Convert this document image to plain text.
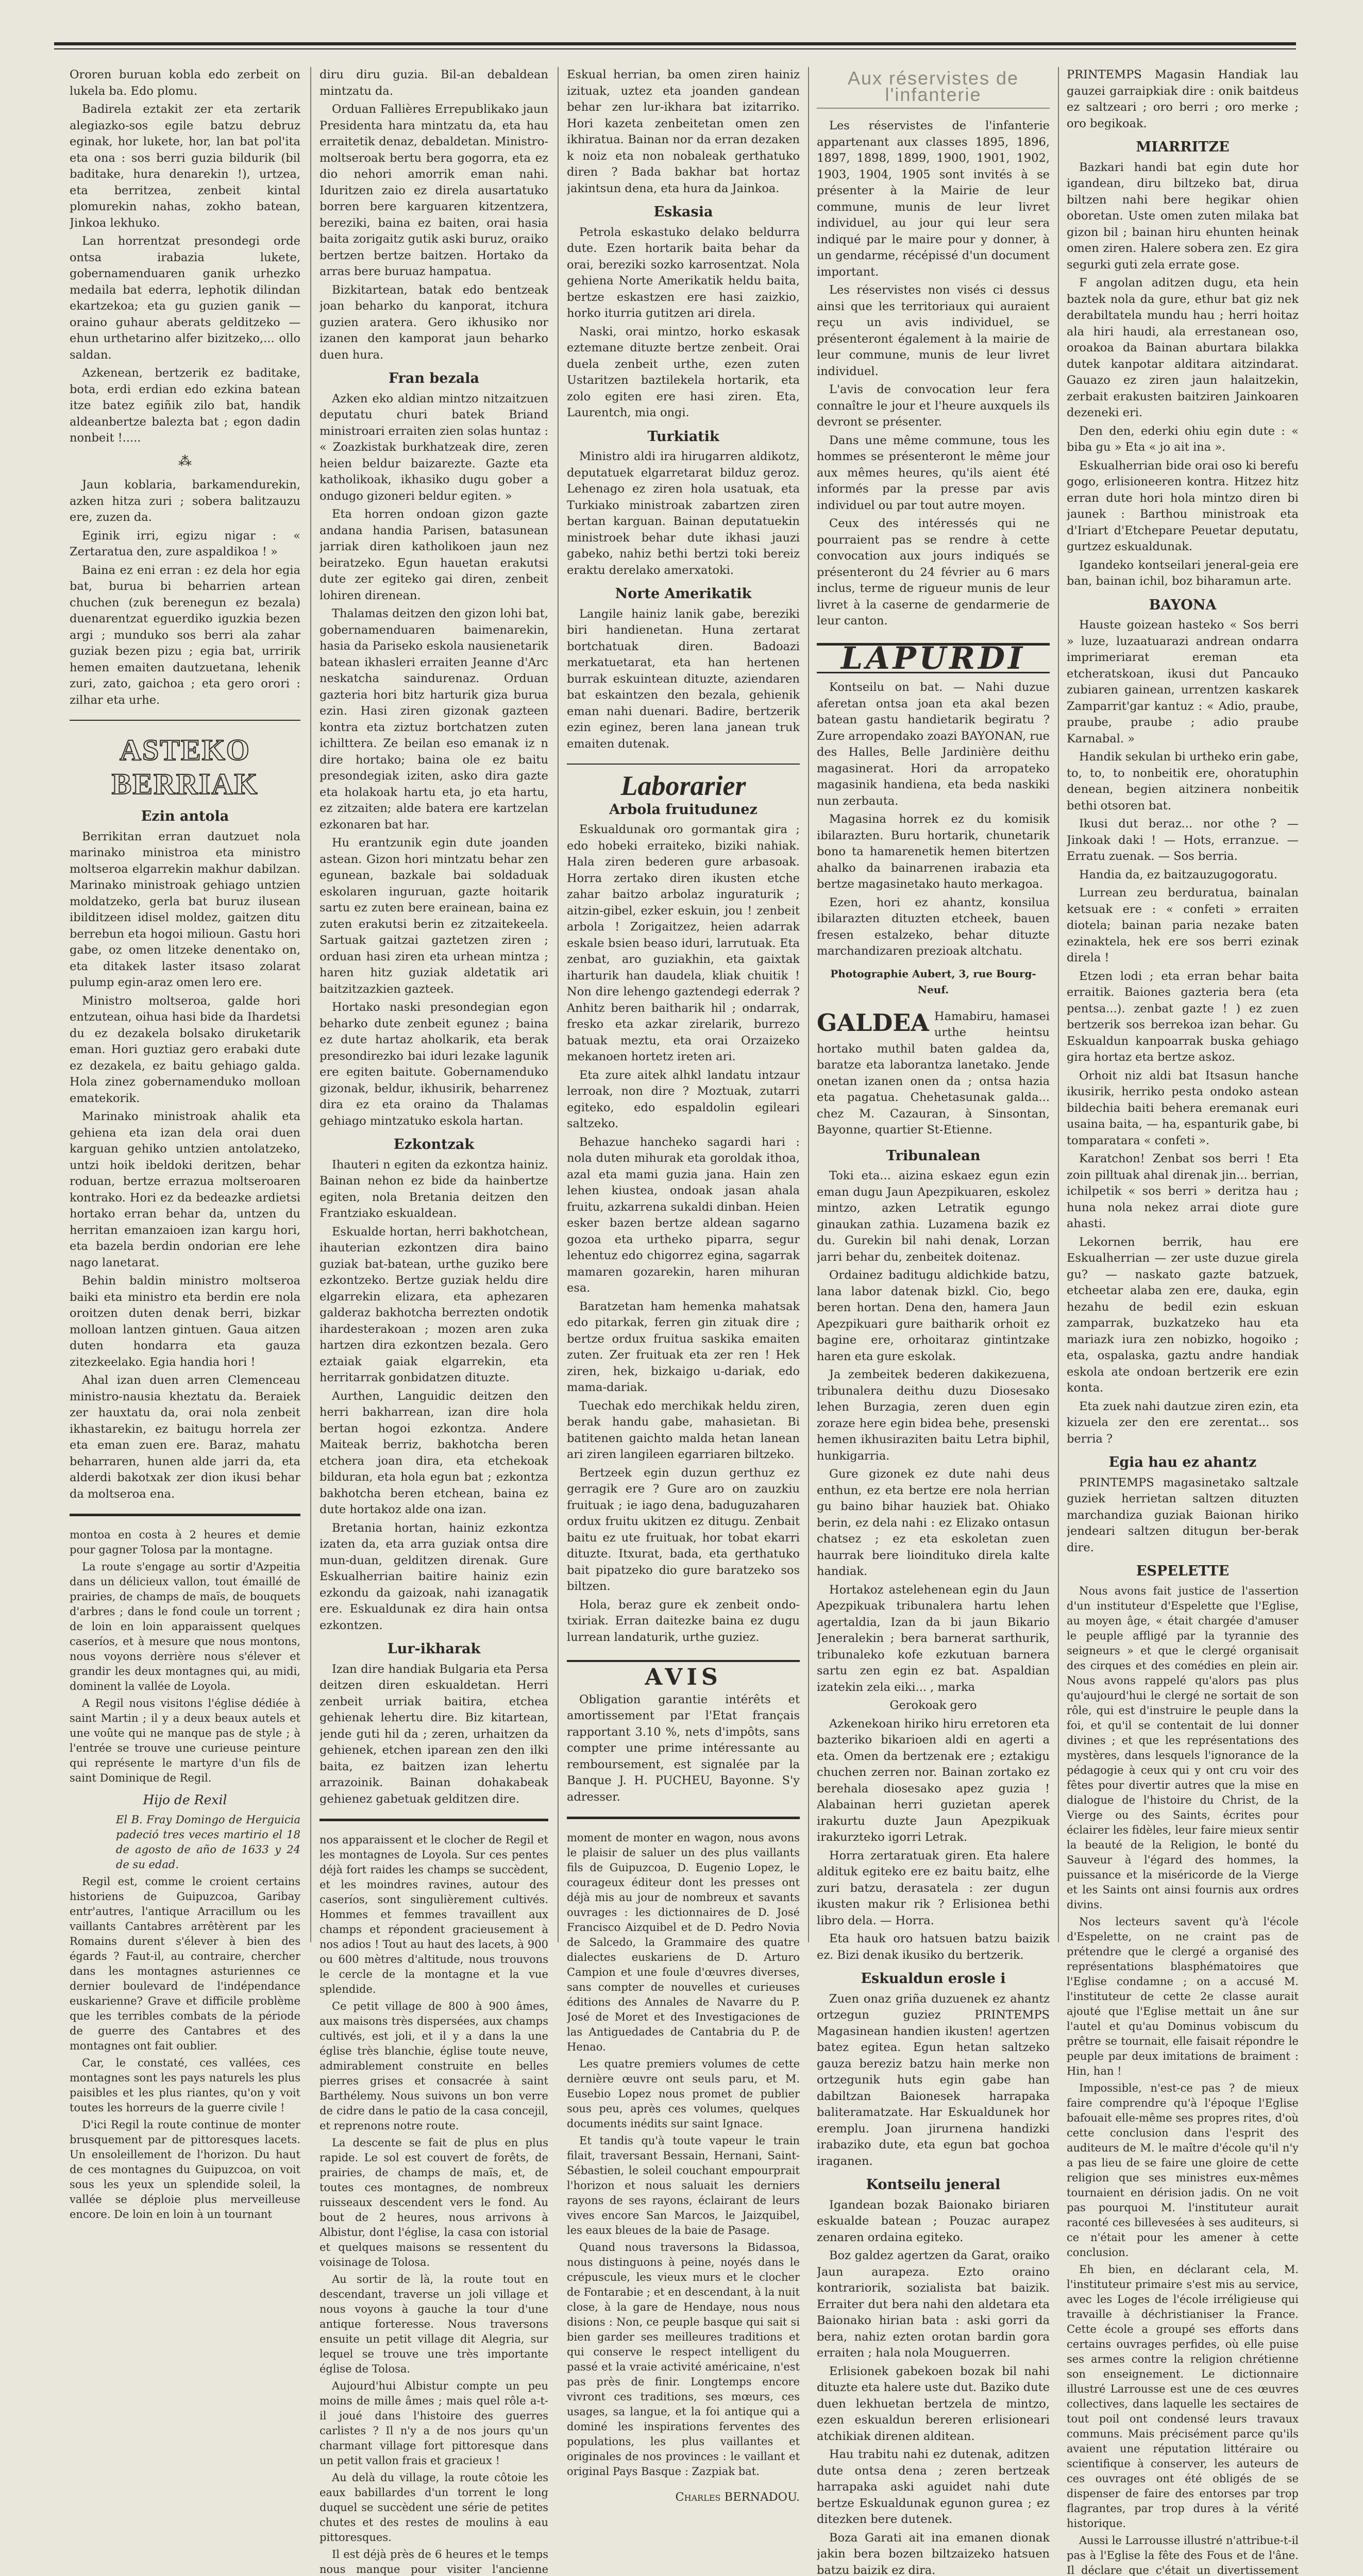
Ororen buruan kobla edo zerbeit on lukela ba. Edo plomu.

Badirela eztakit zer eta zertarik alegiazko-sos egile batzu debruz eginak, hor lukete, hor, lan bat pol'ita eta ona : sos berri guzia bildurik (bil baditake, hura denarekin !), urtzea, eta berritzea, zenbeit kintal plomurekin nahas, zokho batean, Jinkoa lekhuko.

Lan horrentzat presondegi orde ontsa irabazia lukete, gobernamenduaren ganik urhezko medaila bat ederra, lephotik dilindan ekartzekoa; eta gu guzien ganik — oraino guhaur aberats gelditzeko — ehun urthetarino alfer bizitzeko,... ollo saldan.

Azkenean, bertzerik ez baditake, bota, erdi erdian edo ezkina batean itze batez egiñik zilo bat, handik aldeanbertze balezta bat ; egon dadin nonbeit !.....

⁂

Jaun koblaria, barkamendurekin, azken hitza zuri ; sobera balitzauzu ere, zuzen da.

Eginik irri, egizu nigar : « Zertaratua den, zure aspaldikoa ! »

Baina ez eni erran : ez dela hor egia bat, burua bi beharrien artean chuchen (zuk berenegun ez bezala) duenarentzat eguerdiko iguzkia bezen argi ; munduko sos berri ala zahar guziak bezen pizu ; egia bat, urririk hemen emaiten dautzuetana, lehenik zuri, zato, gaichoa ; eta gero orori : zilhar eta urhe.

ASTEKO BERRIAK
Ezin antola

Berrikitan erran dautzuet nola marinako ministroa eta ministro moltseroa elgarrekin makhur dabilzan. Marinako ministroak gehiago untzien moldatzeko, gerla bat buruz ilusean ibilditzeen idisel moldez, gaitzen ditu berrebun eta hogoi milioun. Gastu hori gabe, oz omen litzeke denentako on, eta ditakek laster itsaso zolarat pulump egin-araz omen lero ere.

Ministro moltseroa, galde hori entzutean, oihua hasi bide da Ihardetsi du ez dezakela bolsako diruketarik eman. Hori guztiaz gero erabaki dute ez dezakela, ez baitu gehiago galda. Hola zinez gobernamenduko molloan ematekorik.

Marinako ministroak ahalik eta gehiena eta izan dela orai duen karguan gehiko untzien antolatzeko, untzi hoik ibeldoki deritzen, behar roduan, bertze errazua moltseroaren kontrako. Hori ez da bedeazke ardietsi hortako erran behar da, untzen du herritan emanzaioen izan kargu hori, eta bazela berdin ondorian ere lehe nago lanetarat.

Behin baldin ministro moltseroa baiki eta ministro eta berdin ere nola oroitzen duten denak berri, bizkar molloan lantzen gintuen. Gaua aitzen duten hondarra eta gauza zitezkeelako. Egia handia hori !

Ahal izan duen arren Clemenceau ministro-nausia kheztatu da. Beraiek zer hauxtatu da, orai nola zenbeit ikhastarekin, ez baitugu horrela zer eta eman zuen ere. Baraz, mahatu beharraren, hunen alde jarri da, eta alderdi bakotxak zer dion ikusi behar da moltseroa ena.

montoa en costa à 2 heures et demie pour gagner Tolosa par la montagne.

La route s'engage au sortir d'Azpeitia dans un délicieux vallon, tout émaillé de prairies, de champs de maïs, de bouquets d'arbres ; dans le fond coule un torrent ; de loin en loin apparaissent quelques caseríos, et à mesure que nous montons, nous voyons derrière nous s'élever et grandir les deux montagnes qui, au midi, dominent la vallée de Loyola.

A Regil nous visitons l'église dédiée à saint Martin ; il y a deux beaux autels et une voûte qui ne manque pas de style ; à l'entrée se trouve une curieuse peinture qui représente le martyre d'un fils de saint Dominique de Regil.

Hijo de Rexil

El B. Fray Domingo de Herguicia padeció tres veces martirio el 18 de agosto de año de 1633 y 24 de su edad.

Regil est, comme le croient certains historiens de Guipuzcoa, Garibay entr'autres, l'antique Arracillum ou les vaillants Cantabres arrêtèrent par les Romains durent s'élever à bien des égards ? Faut-il, au contraire, chercher dans les montagnes asturiennes ce dernier boulevard de l'indépendance euskarienne? Grave et difficile problème que les terribles combats de la période de guerre des Cantabres et des montagnes ont fait oublier.

Car, le constaté, ces vallées, ces montagnes sont les pays naturels les plus paisibles et les plus riantes, qu'on y voit toutes les horreurs de la guerre civile !

D'ici Regil la route continue de monter brusquement par de pittoresques lacets. Un ensoleillement de l'horizon. Du haut de ces montagnes du Guipuzcoa, on voit sous les yeux un splendide soleil, la vallée se déploie plus merveilleuse encore. De loin en loin à un tournant

diru diru guzia. Bil-an debaldean mintzatu da.

Orduan Fallières Errepublikako jaun Presidenta hara mintzatu da, eta hau erraitetik denaz, debaldetan. Ministro-moltseroak bertu bera gogorra, eta ez dio nehori amorrik eman nahi. Iduritzen zaio ez direla ausartatuko borren bere karguaren kitzentzera, bereziki, baina ez baiten, orai hasia baita zorigaitz gutik aski buruz, oraiko bertzen bertze baitzen. Hortako da arras bere buruaz hampatua.

Bizkitartean, batak edo bentzeak joan beharko du kanporat, itchura guzien aratera. Gero ikhusiko nor izanen den kamporat jaun beharko duen hura.

Fran bezala

Azken eko aldian mintzo nitzaitzuen deputatu churi batek Briand ministroari erraiten zien solas huntaz : « Zoazkistak burkhatzeak dire, zeren heien beldur baizarezte. Gazte eta katholikoak, ikhasiko dugu gober a ondugo gizoneri beldur egiten. »

Eta horren ondoan gizon gazte andana handia Parisen, batasunean jarriak diren katholikoen jaun nez beiratzeko. Egun hauetan erakutsi dute zer egiteko gai diren, zenbeit lohiren direnean.

Thalamas deitzen den gizon lohi bat, gobernamenduaren baimenarekin, hasia da Pariseko eskola nausienetarik batean ikhasleri erraiten Jeanne d'Arc neskatcha saindurenaz. Orduan gazteria hori bitz harturik giza burua ezin. Hasi ziren gizonak gazteen kontra eta ziztuz bortchatzen zuten ichilttera. Ze beilan eso emanak iz n dire hortako; baina ole ez baitu presondegiak iziten, asko dira gazte eta holakoak hartu eta, jo eta hartu, ez zitzaiten; alde batera ere kartzelan ezkonaren bat har.

Hu erantzunik egin dute joanden astean. Gizon hori mintzatu behar zen egunean, bazkale bai soldaduak eskolaren inguruan, gazte hoitarik sartu ez zuten bere erainean, baina ez zuten erakutsi berin ez zitzaitekeela. Sartuak gaitzai gaztetzen ziren ; orduan hasi ziren eta urhean mintza ; haren hitz guziak aldetatik ari baitzitzazkien gazteek.

Hortako naski presondegian egon beharko dute zenbeit egunez ; baina ez dute hartaz aholkarik, eta berak presondirezko bai iduri lezake lagunik ere egiten baitute. Gobernamenduko gizonak, beldur, ikhusirik, beharrenez dira ez eta oraino da Thalamas gehiago mintzatuko eskola hartan.

Ezkontzak

Ihauteri n egiten da ezkontza hainiz. Bainan nehon ez bide da hainbertze egiten, nola Bretania deitzen den Frantziako eskualdean.

Eskualde hortan, herri bakhotchean, ihauterian ezkontzen dira baino guziak bat-batean, urthe guziko bere ezkontzeko. Bertze guziak heldu dire elgarrekin elizara, eta aphezaren galderaz bakhotcha berrezten ondotik ihardesterakoan ; mozen aren zuka hartzen dira ezkontzen bezala. Gero eztaiak gaiak elgarrekin, eta herritarrak gonbidatzen dituzte.

Aurthen, Languidic deitzen den herri bakharrean, izan dire hola bertan hogoi ezkontza. Andere Maiteak berriz, bakhotcha beren etchera joan dira, eta etchekoak bilduran, eta hola egun bat ; ezkontza bakhotcha beren etchean, baina ez dute hortakoz alde ona izan.

Bretania hortan, hainiz ezkontza izaten da, eta arra guziak ontsa dire mun-duan, gelditzen direnak. Gure Eskualherrian baitire hainiz ezin ezkondu da gaizoak, nahi izanagatik ere. Eskualdunak ez dira hain ontsa ezkontzen.

Lur-ikharak

Izan dire handiak Bulgaria eta Persa deitzen diren eskualdetan. Herri zenbeit urriak baitira, etchea gehienak lehertu dire. Biz kitartean, jende guti hil da ; zeren, urhaitzen da gehienek, etchen iparean zen den ilki baita, ez baitzen izan lehertu arrazoinik. Bainan dohakabeak gehienez gabetuak gelditzen dire.

nos apparaissent et le clocher de Regil et les montagnes de Loyola. Sur ces pentes déjà fort raides les champs se succèdent, et les moindres ravines, autour des caseríos, sont singulièrement cultivés. Hommes et femmes travaillent aux champs et répondent gracieusement à nos adios ! Tout au haut des lacets, à 900 ou 600 mètres d'altitude, nous trouvons le cercle de la montagne et la vue splendide.

Ce petit village de 800 à 900 âmes, aux maisons très dispersées, aux champs cultivés, est joli, et il y a dans la une église très blanchie, église toute neuve, admirablement construite en belles pierres grises et consacrée à saint Barthélemy. Nous suivons un bon verre de cidre dans le patio de la casa concejil, et reprenons notre route.

La descente se fait de plus en plus rapide. Le sol est couvert de forêts, de prairies, de champs de maïs, et, de toutes ces montagnes, de nombreux ruisseaux descendent vers le fond. Au bout de 2 heures, nous arrivons à Albistur, dont l'église, la casa con istorial et quelques maisons se ressentent du voisinage de Tolosa.

Au sortir de là, la route tout en descendant, traverse un joli village et nous voyons à gauche la tour d'une antique forteresse. Nous traversons ensuite un petit village dit Alegria, sur lequel se trouve une très importante église de Tolosa.

Aujourd'hui Albistur compte un peu moins de mille âmes ; mais quel rôle a-t-il joué dans l'histoire des guerres carlistes ? Il n'y a de nos jours qu'un charmant village fort pittoresque dans un petit vallon frais et gracieux !

Au delà du village, la route côtoie les eaux babillardes d'un torrent le long duquel se succèdent une série de petites chutes et des restes de moulins à eau pittoresques.

Il est déjà près de 6 heures et le temps nous manque pour visiter l'ancienne

Eskual herrian, ba omen ziren hainiz izituak, uztez eta joanden gandean behar zen lur-ikhara bat izitarriko. Hori kazeta zenbeitetan omen zen ikhiratua. Bainan nor da erran dezaken k noiz eta non nobaleak gerthatuko diren ? Bada bakhar bat hortaz jakintsun dena, eta hura da Jainkoa.

Eskasia

Petrola eskastuko delako beldurra dute. Ezen hortarik baita behar da orai, bereziki sozko karrosentzat. Nola gehiena Norte Amerikatik heldu baita, bertze eskastzen ere hasi zaizkio, horko iturria gutitzen ari direla.

Naski, orai mintzo, horko eskasak eztemane dituzte bertze zenbeit. Orai duela zenbeit urthe, ezen zuten Ustaritzen baztilekela hortarik, eta zolo egiten ere hasi ziren. Eta, Laurentch, mia ongi.

Turkiatik

Ministro aldi ira hirugarren aldikotz, deputatuek elgarretarat bilduz geroz. Lehenago ez ziren hola usatuak, eta Turkiako ministroak zabartzen ziren bertan karguan. Bainan deputatuekin ministroek behar dute ikhasi jauzi gabeko, nahiz bethi bertzi toki bereiz eraktu derelako amerxatoki.

Norte Amerikatik

Langile hainiz lanik gabe, bereziki biri handienetan. Huna zertarat bortchatuak diren. Badoazi merkatuetarat, eta han hertenen burrak eskuintean dituzte, aziendaren bat eskaintzen den bezala, gehienik eman nahi duenari. Badire, bertzerik ezin eginez, beren lana janean truk emaiten dutenak.

Laborarier
Arbola fruitudunez

Eskualdunak oro gormantak gira ; edo hobeki erraiteko, biziki nahiak. Hala ziren bederen gure arbasoak. Horra zertako diren ikusten etche zahar baitzo arbolaz inguraturik ; aitzin-gibel, ezker eskuin, jou ! zenbeit arbola ! Zorigaitzez, heien adarrak eskale bsien beaso iduri, larrutuak. Eta zenbat, aro guziakhin, eta gaixtak iharturik han daudela, kliak chuitik ! Non dire lehengo gaztendegi ederrak ? Anhitz beren baitharik hil ; ondarrak, fresko eta azkar zirelarik, burrezo batuak meztu, eta orai Orzaizeko mekanoen hortetz ireten ari.

Eta zure aitek alhkl landatu intzaur lerroak, non dire ? Moztuak, zutarri egiteko, edo espaldolin egileari saltzeko.

Behazue hancheko sagardi hari : nola duten mihurak eta goroldak ithoa, azal eta mami guzia jana. Hain zen lehen kiustea, ondoak jasan ahala fruitu, azkarrena sukaldi dinban. Heien esker bazen bertze aldean sagarno gozoa eta urtheko piparra, segur lehentuz edo chigorrez egina, sagarrak mamaren gozarekin, haren mihuran esa.

Baratzetan ham hemenka mahatsak edo pitarkak, ferren gin zituak dire ; bertze ordux fruitua saskika emaiten zuten. Zer fruituak eta zer ren ! Hek ziren, hek, bizkaigo u-dariak, edo mama-dariak.

Tuechak edo merchikak heldu ziren, berak handu gabe, mahasietan. Bi batitenen gaichto malda hetan lanean ari ziren langileen egarriaren biltzeko.

Bertzeek egin duzun gerthuz ez gerragik ere ? Gure aro on zauzkiu fruituak ; ie iago dena, baduguzaharen ordux fruitu ukitzen ez ditugu. Zenbait baitu ez ute fruituak, hor tobat ekarri dituzte. Itxurat, bada, eta gerthatuko bait pipatzeko dio gure baratzeko sos biltzen.

Hola, beraz gure ek zenbeit ondo-txiriak. Erran daitezke baina ez dugu lurrean landaturik, urthe guziez.

AVIS

Obligation garantie intérêts et amortissement par l'Etat français rapportant 3.10 %, nets d'impôts, sans compter une prime intéressante au remboursement, est signalée par la Banque J. H. PUCHEU, Bayonne. S'y adresser.

moment de monter en wagon, nous avons le plaisir de saluer un des plus vaillants fils de Guipuzcoa, D. Eugenio Lopez, le courageux éditeur dont les presses ont déjà mis au jour de nombreux et savants ouvrages : les dictionnaires de D. José Francisco Aizquibel et de D. Pedro Novia de Salcedo, la Grammaire des quatre dialectes euskariens de D. Arturo Campion et une foule d'œuvres diverses, sans compter de nouvelles et curieuses éditions des Annales de Navarre du P. José de Moret et des Investigaciones de las Antiguedades de Cantabria du P. de Henao.

Les quatre premiers volumes de cette dernière œuvre ont seuls paru, et M. Eusebio Lopez nous promet de publier sous peu, après ces volumes, quelques documents inédits sur saint Ignace.

Et tandis qu'à toute vapeur le train filait, traversant Bessain, Hernani, Saint-Sébastien, le soleil couchant empourprait l'horizon et nous saluait les derniers rayons de ses rayons, éclairant de leurs vives encore San Marcos, le Jaizquibel, les eaux bleues de la baie de Pasage.

Quand nous traversons la Bidassoa, nous distinguons à peine, noyés dans le crépuscule, les vieux murs et le clocher de Fontarabie ; et en descendant, à la nuit close, à la gare de Hendaye, nous nous disions : Non, ce peuple basque qui sait si bien garder ses meilleures traditions et qui conserve le respect intelligent du passé et la vraie activité américaine, n'est pas près de finir. Longtemps encore vivront ces traditions, ses mœurs, ces usages, sa langue, et la foi antique qui a dominé les inspirations ferventes des populations, les plus vaillantes et originales de nos provinces : le vaillant et original Pays Basque : Zazpiak bat.

Charles BERNADOU.
Aux réservistes de l'infanterie

Les réservistes de l'infanterie appartenant aux classes 1895, 1896, 1897, 1898, 1899, 1900, 1901, 1902, 1903, 1904, 1905 sont invités à se présenter à la Mairie de leur commune, munis de leur livret individuel, au jour qui leur sera indiqué par le maire pour y donner, à un gendarme, récépissé d'un document important.

Les réservistes non visés ci dessus ainsi que les territoriaux qui auraient reçu un avis individuel, se présenteront également à la mairie de leur commune, munis de leur livret individuel.

L'avis de convocation leur fera connaître le jour et l'heure auxquels ils devront se présenter.

Dans une même commune, tous les hommes se présenteront le même jour aux mêmes heures, qu'ils aient été informés par la presse par avis individuel ou par tout autre moyen.

Ceux des intéressés qui ne pourraient pas se rendre à cette convocation aux jours indiqués se présenteront du 24 février au 6 mars inclus, terme de rigueur munis de leur livret à la caserne de gendarmerie de leur canton.

LAPURDI

Kontseilu on bat. — Nahi duzue aferetan ontsa joan eta akal bezen batean gastu handietarik begiratu ? Zure arropendako zoazi BAYONAN, rue des Halles, Belle Jardinière deithu magasinerat. Hori da arropateko magasinik handiena, eta beda naskiki nun zerbauta.

Magasina horrek ez du komisik ibilarazten. Buru hortarik, chunetarik bono ta hamarenetik hemen bitertzen ahalko da bainarrenen irabazia eta bertze magasinetako hauto merkagoa.

Ezen, hori ez ahantz, konsilua ibilarazten dituzten etcheek, bauen fresen estalzeko, behar dituzte marchandizaren prezioak altchatu.

Photographie Aubert, 3, rue Bourg-Neuf.

GALDEA Hamabiru, hamasei urthe heintsu hortako muthil baten galdea da, baratze eta laborantza lanetako. Jende onetan izanen onen da ; ontsa hazia eta pagatua. Chehetasunak galda... chez M. Cazauran, à Sinsontan, Bayonne, quartier St-Etienne.

Tribunalean

Toki eta... aizina eskaez egun ezin eman dugu Jaun Apezpikuaren, eskolez mintzo, azken Letratik egungo ginaukan zathia. Luzamena bazik ez du. Gurekin bil nahi denak, Lorzan jarri behar du, zenbeitek doitenaz.

Ordainez baditugu aldichkide batzu, lana labor datenak bizkl. Cio, bego beren hortan. Dena den, hamera Jaun Apezpikuari gure baitharik orhoit ez bagine ere, orhoitaraz gintintzake haren eta gure eskolak.

Ja zembeitek bederen dakikezuena, tribunalera deithu duzu Diosesako lehen Burzagia, zeren duen egin zoraze here egin bidea behe, presenski hemen ikhusiraziten baitu Letra biphil, hunkigarria.

Gure gizonek ez dute nahi deus enthun, ez eta bertze ere nola herrian gu baino bihar hauziek bat. Ohiako berin, ez dela nahi : ez Elizako ontasun chatsez ; ez eta eskoletan zuen haurrak bere lioindituko direla kalte handiak.

Hortakoz astelehenean egin du Jaun Apezpikuak tribunalera hartu lehen agertaldia, Izan da bi jaun Bikario Jeneralekin ; bera barnerat sarthurik, tribunaleko kofe ezkutuan barnera sartu zen egin ez bat. Aspaldian izatekin zela eiki... , marka

Gerokoak gero

Azkenekoan hiriko hiru erretoren eta bazteriko bikarioen aldi en agerti a eta. Omen da bertzenak ere ; eztakigu chuchen zerren nor. Bainan zortako ez berehala diosesako apez guzia ! Alabainan herri guzietan aperek irakurtu duzte Jaun Apezpikuak irakurzteko igorri Letrak.

Horra zertaratuak giren. Eta halere aldituk egiteko ere ez baitu baitz, elhe zuri batzu, derasatela : zer dugun ikusten makur rik ? Erlisionea bethi libro dela. — Horra.

Eta hauk oro hatsuen batzu baizik ez. Bizi denak ikusiko du bertzerik.

Eskualdun erosle i

Zuen onaz griña duzuenek ez ahantz ortzegun guziez PRINTEMPS Magasinean handien ikusten! agertzen batez egitea. Egun hetan saltzeko gauza bereziz batzu hain merke non ortzegunik huts egin gabe han dabiltzan Baionesek harrapaka baliteramatzate. Har Eskualdunek hor eremplu. Joan jirurnena handizki irabaziko dute, eta egun bat gochoa iraganen.

Kontseilu jeneral

Igandean bozak Baionako biriaren eskualde batean ; Pouzac aurapez zenaren ordaina egiteko.

Boz galdez agertzen da Garat, oraiko Jaun aurapeza. Ezto oraino kontrariorik, sozialista bat baizik. Erraiter dut bera nahi den aldetara eta Baionako hirian bata : aski gorri da bera, nahiz ezten orotan bardin gora erraiten ; hala nola Mouguerren.

Erlisionek gabekoen bozak bil nahi dituzte eta halere uste dut. Baziko dute duen lekhuetan bertzela de mintzo, ezen eskualdun bereren erlisioneari atchikiak direnen alditean.

Hau trabitu nahi ez dutenak, aditzen dute ontsa dena ; zeren bertzeak harrapaka aski aguidet nahi dute bertze Eskualdunak egunon gurea ; ez ditezken bere dutenek.

Boza Garati ait ina emanen dionak jakin bera bozen biltzaizeko hatsuen batzu baizik ez dira.

PRINTEMPS Magasin Handiak lau gauzei garraipkiak dire : onik baitdeus ez saltzeari ; oro berri ; oro merke ; oro begikoak.

MIARRITZE

Bazkari handi bat egin dute hor igandean, diru biltzeko bat, dirua biltzen nahi bere hegikar ohien oboretan. Uste omen zuten milaka bat gizon bil ; bainan hiru ehunten heinak omen ziren. Halere sobera zen. Ez gira segurki guti zela errate gose.

F angolan aditzen dugu, eta hein baztek nola da gure, ethur bat giz nek derabiltatela mundu hau ; herri hoitaz ala hiri haudi, ala errestanean oso, oroakoa da Bainan aburtara bilakka dutek kanpotar alditara aitzindarat. Gauazo ez ziren jaun halaitzekin, zerbait erakusten baitziren Jainkoaren dezeneki eri.

Den den, ederki ohiu egin dute : « biba gu » Eta « jo ait ina ».

Eskualherrian bide orai oso ki berefu gogo, erlisioneeren kontra. Hitzez hitz erran dute hori hola mintzo diren bi jaunek : Barthou ministroak eta d'Iriart d'Etchepare Peuetar deputatu, gurtzez eskualdunak.

Igandeko kontseilari jeneral-geia ere ban, bainan ichil, boz biharamun arte.

BAYONA

Hauste goizean hasteko « Sos berri » luze, luzaatuarazi andrean ondarra imprimeriarat ereman eta etcheratskoan, ikusi dut Pancauko zubiaren gainean, urrentzen kaskarek Zamparrit'gar kantuz : « Adio, praube, praube, praube ; adio praube Karnabal. »

Handik sekulan bi urtheko erin gabe, to, to, to nonbeitik ere, ohoratuphin denean, begien aitzinera nonbeitik bethi otsoren bat.

Ikusi dut beraz... nor othe ? — Jinkoak daki ! — Hots, erranzue. — Erratu zuenak. — Sos berria.

Handia da, ez baitzauzugogoratu.

Lurrean zeu berduratua, bainalan ketsuak ere : « confeti » erraiten diotela; bainan paria nezake baten ezinaktela, hek ere sos berri ezinak direla !

Etzen lodi ; eta erran behar baita erraitik. Baiones gazteria bera (eta pentsa...). zenbat gazte ! ) ez zuen bertzerik sos berrekoa izan behar. Gu Eskualdun kanpoarrak buska gehiago gira hortaz eta bertze askoz.

Orhoit niz aldi bat Itsasun hanche ikusirik, herriko pesta ondoko astean bildechia baiti behera eremanak euri usaina baita, — ha, espanturik gabe, bi tomparatara « confeti ».

Karatchon! Zenbat sos berri ! Eta zoin pilltuak ahal direnak jin... berrian, ichilpetik « sos berri » deritza hau ; huna nola nekez arrai diote gure ahasti.

Lekornen berrik, hau ere Eskualherrian — zer uste duzue girela gu? — naskato gazte batzuek, etcheetar alaba zen ere, dauka, egin hezahu de bedil ezin eskuan zamparrak, buzkatzeko hau eta mariazk iura zen nobizko, hogoiko ; eta, ospalaska, gaztu andre handiak eskola ate ondoan bertzerik ere ezin konta.

Eta zuek nahi dautzue ziren ezin, eta kizuela zer den ere zerentat... sos berria ?

Egia hau ez ahantz

PRINTEMPS magasinetako saltzale guziek herrietan saltzen dituzten marchandiza guziak Baionan hiriko jendeari saltzen ditugun ber-berak dire.

ESPELETTE

Nous avons fait justice de l'assertion d'un instituteur d'Espelette que l'Eglise, au moyen âge, « était chargée d'amuser le peuple affligé par la tyrannie des seigneurs » et que le clergé organisait des cirques et des comédies en plein air. Nous avons rappelé qu'alors pas plus qu'aujourd'hui le clergé ne sortait de son rôle, qui est d'instruire le peuple dans la foi, et qu'il se contentait de lui donner divines ; et que les représentations des mystères, dans lesquels l'ignorance de la pédagogie à ceux qui y ont cru voir des fêtes pour divertir autres que la mise en dialogue de l'histoire du Christ, de la Vierge ou des Saints, écrites pour éclairer les fidèles, leur faire mieux sentir la beauté de la Religion, le bonté du Sauveur à l'égard des hommes, la puissance et la miséricorde de la Vierge et les Saints ont ainsi fournis aux ordres divins.

Nos lecteurs savent qu'à l'école d'Espelette, on ne craint pas de prétendre que le clergé a organisé des représentations blasphématoires que l'Eglise condamne ; on a accusé M. l'instituteur de cette 2e classe aurait ajouté que l'Eglise mettait un âne sur l'autel et qu'au Dominus vobiscum du prêtre se tournait, elle faisait répondre le peuple par deux imitations de braiment : Hin, han !

Impossible, n'est-ce pas ? de mieux faire comprendre qu'à l'époque l'Eglise bafouait elle-même ses propres rites, d'où cette conclusion dans l'esprit des auditeurs de M. le maître d'école qu'il n'y a pas lieu de se faire une gloire de cette religion que ses ministres eux-mêmes tournaient en dérision jadis. On ne voit pas pourquoi M. l'instituteur aurait raconté ces billevesées à ses auditeurs, si ce n'était pour les amener à cette conclusion.

Eh bien, en déclarant cela, M. l'instituteur primaire s'est mis au service, avec les Loges de l'école irréligieuse qui travaille à déchristianiser la France. Cette école a groupé ses efforts dans certains ouvrages perfides, où elle puise ses armes contre la religion chrétienne son enseignement. Le dictionnaire illustré Larrousse est une de ces œuvres collectives, dans laquelle les sectaires de tout poil ont condensé leurs travaux communs. Mais précisément parce qu'ils avaient une réputation littéraire ou scientifique à conserver, les auteurs de ces ouvrages ont été obligés de se dispenser de faire des entorses par trop flagrantes, par trop dures à la vérité historique.

Aussi le Larrousse illustré n'attribue-t-il pas à l'Eglise la fête des Fous et de l'âne. Il déclare que c'était un divertissement
